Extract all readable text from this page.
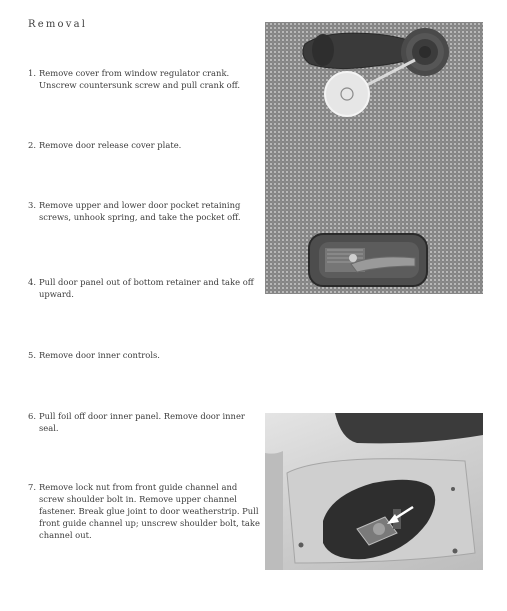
Removal
1. Remove cover from window regulator crank. Unscrew countersunk screw and pull crank off.
2. Remove door release cover plate.
3. Remove upper and lower door pocket retaining screws, unhook spring, and take the pocket off.
4. Pull door panel out of bottom retainer and take off upward.
5. Remove door inner controls.
6. Pull foil off door inner panel. Remove door inner seal.
7. Remove lock nut from front guide channel and screw shoulder bolt in. Remove upper channel fastener. Break glue joint to door weatherstrip. Pull front guide channel up; unscrew shoulder bolt, take channel out.
